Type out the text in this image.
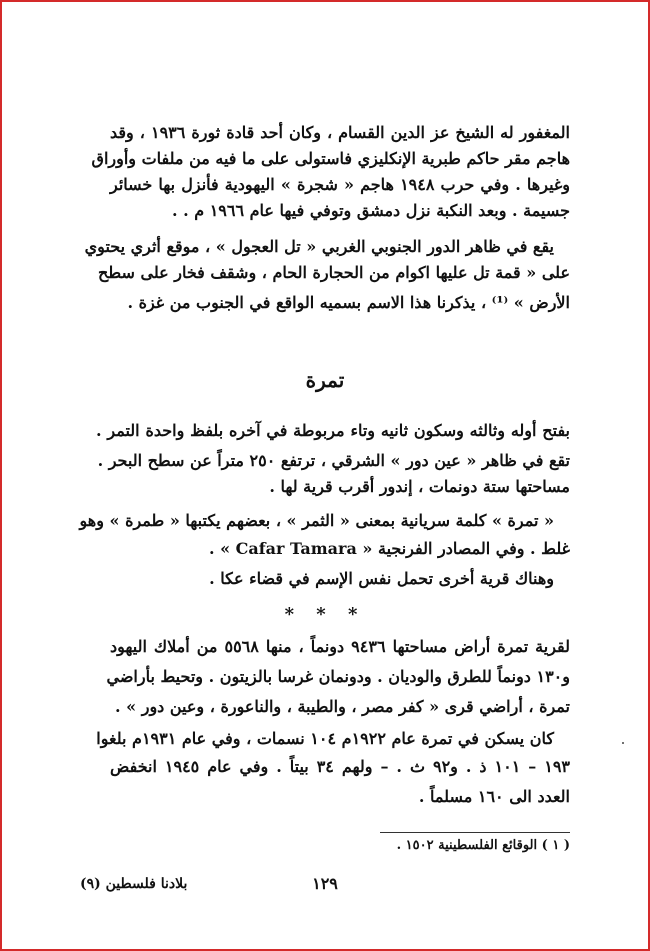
المغفور له الشيخ عز الدين القسام ، وكان أحد قادة ثورة ١٩٣٦ ، وقد
هاجم مقر حاكم طبرية الإنكليزي فاستولى على ما فيه من ملفات وأوراق
وغيرها . وفي حرب ١٩٤٨ هاجم « شجرة » اليهودية فأنزل بها خسائر
جسيمة . وبعد النكبة نزل دمشق وتوفي فيها عام ١٩٦٦ م . .
يقع في ظاهر الدور الجنوبي الغربي « تل العجول » ، موقع أثري يحتوي
على « قمة تل عليها اكوام من الحجارة الحام ، وشقف فخار على سطح
الأرض » ⁽¹⁾ ، يذكرنا هذا الاسم بسميه الواقع في الجنوب من غزة .
تمرة
بفتح أوله وثالثه وسكون ثانيه وتاء مربوطة في آخره بلفظ واحدة التمر .
تقع في ظاهر « عين دور » الشرقي ، ترتفع ٢٥٠ متراً عن سطح البحر .
مساحتها ستة دونمات ، إندور أقرب قرية لها .
« تمرة » كلمة سريانية بمعنى « الثمر » ، بعضهم يكتبها « طمرة » وهو
غلط . وفي المصادر الفرنجية « Cafar Tamara » .
وهناك قرية أخرى تحمل نفس الإسم في قضاء عكا .
* * *
لقرية تمرة أراض مساحتها ٩٤٣٦ دونماً ، منها ٥٥٦٨ من أملاك اليهود
و١٣٠ دونماً للطرق والوديان . ودونمان غرسا بالزيتون . وتحيط بأراضي
تمرة ، أراضي قرى « كفر مصر ، والطيبة ، والناعورة ، وعين دور » .
كان يسكن في تمرة عام ١٩٢٢م ١٠٤ نسمات ، وفي عام ١٩٣١م بلغوا
١٩٣ – ١٠١ ذ . و٩٢ ث . – ولهم ٣٤ بيتاً . وفي عام ١٩٤٥ انخفض
العدد الى ١٦٠ مسلماً .
( ١ ) الوقائع الفلسطينية ١٥٠٢ .
١٢٩
بلادنا فلسطين (٩)
